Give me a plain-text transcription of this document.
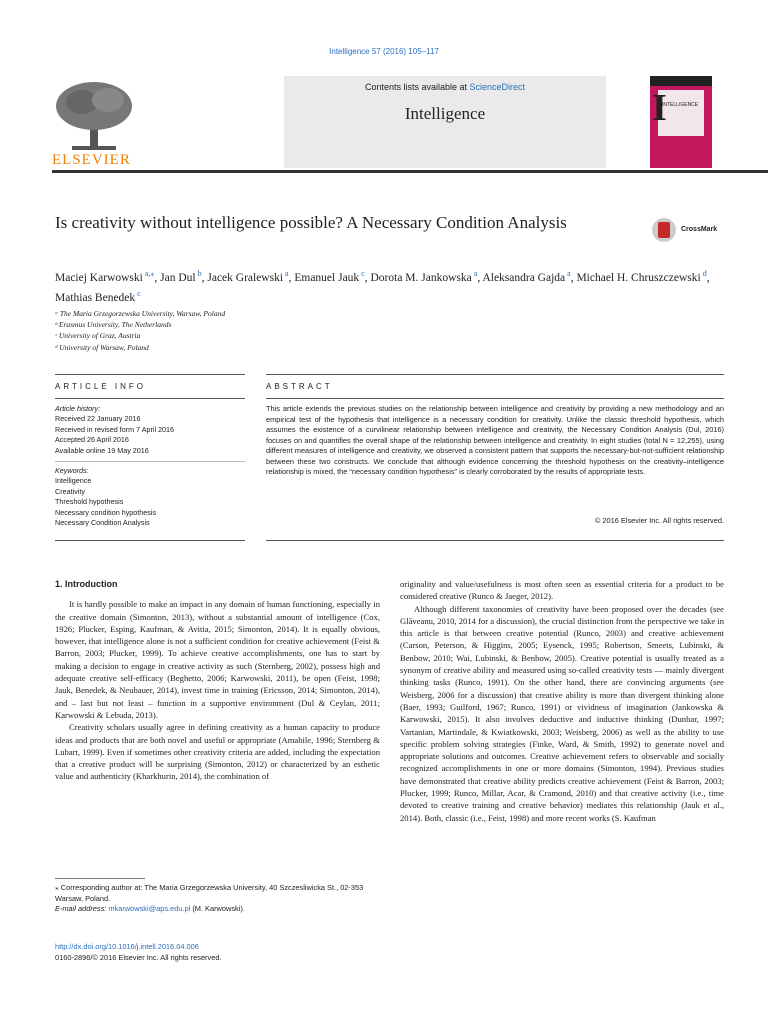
Intelligence 57 (2016) 105–117
ELSEVIER
Contents lists available at ScienceDirect
Intelligence	I
INTELLIGENCE
Is creativity without intelligence possible? A Necessary Condition Analysis	CrossMark
Maciej Karwowski $^{a,⁎}$, Jan Dul $^b$, Jacek Gralewski $^a$, Emanuel Jauk $^c$, Dorota M. Jankowska $^a$, Aleksandra Gajda $^a$, Michael H. Chruszczewski $^d$, Mathias Benedek $^c$
ᵃ The Maria Grzegorzewska University, Warsaw, Poland
ᵇ Erasmus University, The Netherlands
ᶜ University of Graz, Austria
ᵈ University of Warsaw, Poland
ARTICLE INFO	ABSTRACT
Article history:
Received 22 January 2016
Received in revised form 7 April 2016
Accepted 26 April 2016
Available online 19 May 2016
Keywords:
Intelligence
Creativity
Threshold hypothesis
Necessary condition hypothesis
Necessary Condition Analysis
This article extends the previous studies on the relationship between intelligence and creativity by providing a new methodology and an empirical test of the hypothesis that intelligence is a necessary condition for creativity. Unlike the classic threshold hypothesis, which assumes the existence of a curvilinear relationship between intelligence and creativity, the Necessary Condition Analysis (Dul, 2016) focuses on and quantifies the overall shape of the relationship between intelligence and creativity. In eight studies (total N = 12,255), using different measures of intelligence and creativity, we observed a consistent pattern that supports the necessary-but-not-sufficient relationship between these two constructs. We conclude that although evidence concerning the threshold hypothesis on the creativity–intelligence relationship is mixed, the “necessary condition hypothesis” is clearly corroborated by the results of appropriate tests.
© 2016 Elsevier Inc. All rights reserved.
1. Introduction

It is hardly possible to make an impact in any domain of human functioning, especially in the creative domain (Simonton, 2013), without a substantial amount of intelligence (Cox, 1926; Plucker, Esping, Kaufman, & Avitia, 2015; Simonton, 2014). It is equally obvious, however, that intelligence alone is not a sufficient condition for creative achievement (Feist & Barron, 2003; Plucker, 1999). To achieve creative accomplishments, one has to start by making a decision to engage in creative activity as such (Sternberg, 2002), possess high and adequate creative self-efficacy (Beghetto, 2006; Karwowski, 2011), be open (Feist, 1998; Jauk, Benedek, & Neubauer, 2014), invest time in training (Ericsson, 2014; Simonton, 2014), and – last but not least – function in a supportive environment (Dul & Ceylan, 2011; Karwowski & Lebuda, 2013).

Creativity scholars usually agree in defining creativity as a human capacity to produce ideas and products that are both novel and useful or appropriate (Amabile, 1996; Sternberg & Lubart, 1999). Even if sometimes other creativity criteria are added, including the expectation that a creative product will be surprising (Simonton, 2012) or characterized by an esthetic value and authenticity (Kharkhurin, 2014), the combination of

originality and value/usefulness is most often seen as essential criteria for a product to be considered creative (Runco & Jaeger, 2012).

Although different taxonomies of creativity have been proposed over the decades (see Glăveanu, 2010, 2014 for a discussion), the crucial distinction from the perspective we take in this article is that between creative potential (Runco, 2003) and creative achievement (Carson, Peterson, & Higgins, 2005; Eysenck, 1995; Robertson, Smeets, Lubinski, & Benbow, 2010; Wai, Lubinski, & Benbow, 2005). Creative potential is usually treated as a synonym of creative ability and measured using so-called creativity tests — mainly divergent thinking tasks (Runco, 1991). On the other hand, there are convincing arguments (see Weisberg, 2006 for a discussion) that creative ability is more than divergent thinking alone (Baer, 1993; Guilford, 1967; Runco, 1991) or vividness of imagination (Jankowska & Karwowski, 2015). It also involves deductive and inductive thinking (Dunbar, 1997; Vartanian, Martindale, & Kwiatkowski, 2003; Weisberg, 2006) as well as the ability to use specific problem solving strategies (Finke, Ward, & Smith, 1992) to generate novel and appropriate solutions and outcomes. Creative achievement refers to observable and socially recognized accomplishments in one or more domains (Simonton, 1994). Previous studies have demonstrated that creative ability predicts creative achievement (Feist & Barron, 2003; Plucker, 1999; Runco, Millar, Acar, & Cramond, 2010) and that creative activity (i.e., time devoted to creative training and creative behavior) mediates this relationship (Jauk et al., 2014). Both, classic (i.e., Feist, 1998) and more recent works (S. Kaufman

⁎ Corresponding author at: The Maria Grzegorzewska University, 40 Szczesliwicka St., 02-353 Warsaw, Poland.
E-mail address: mkarwowski@aps.edu.pl (M. Karwowski).
http://dx.doi.org/10.1016/j.intell.2016.04.006
0160-2896/© 2016 Elsevier Inc. All rights reserved.
